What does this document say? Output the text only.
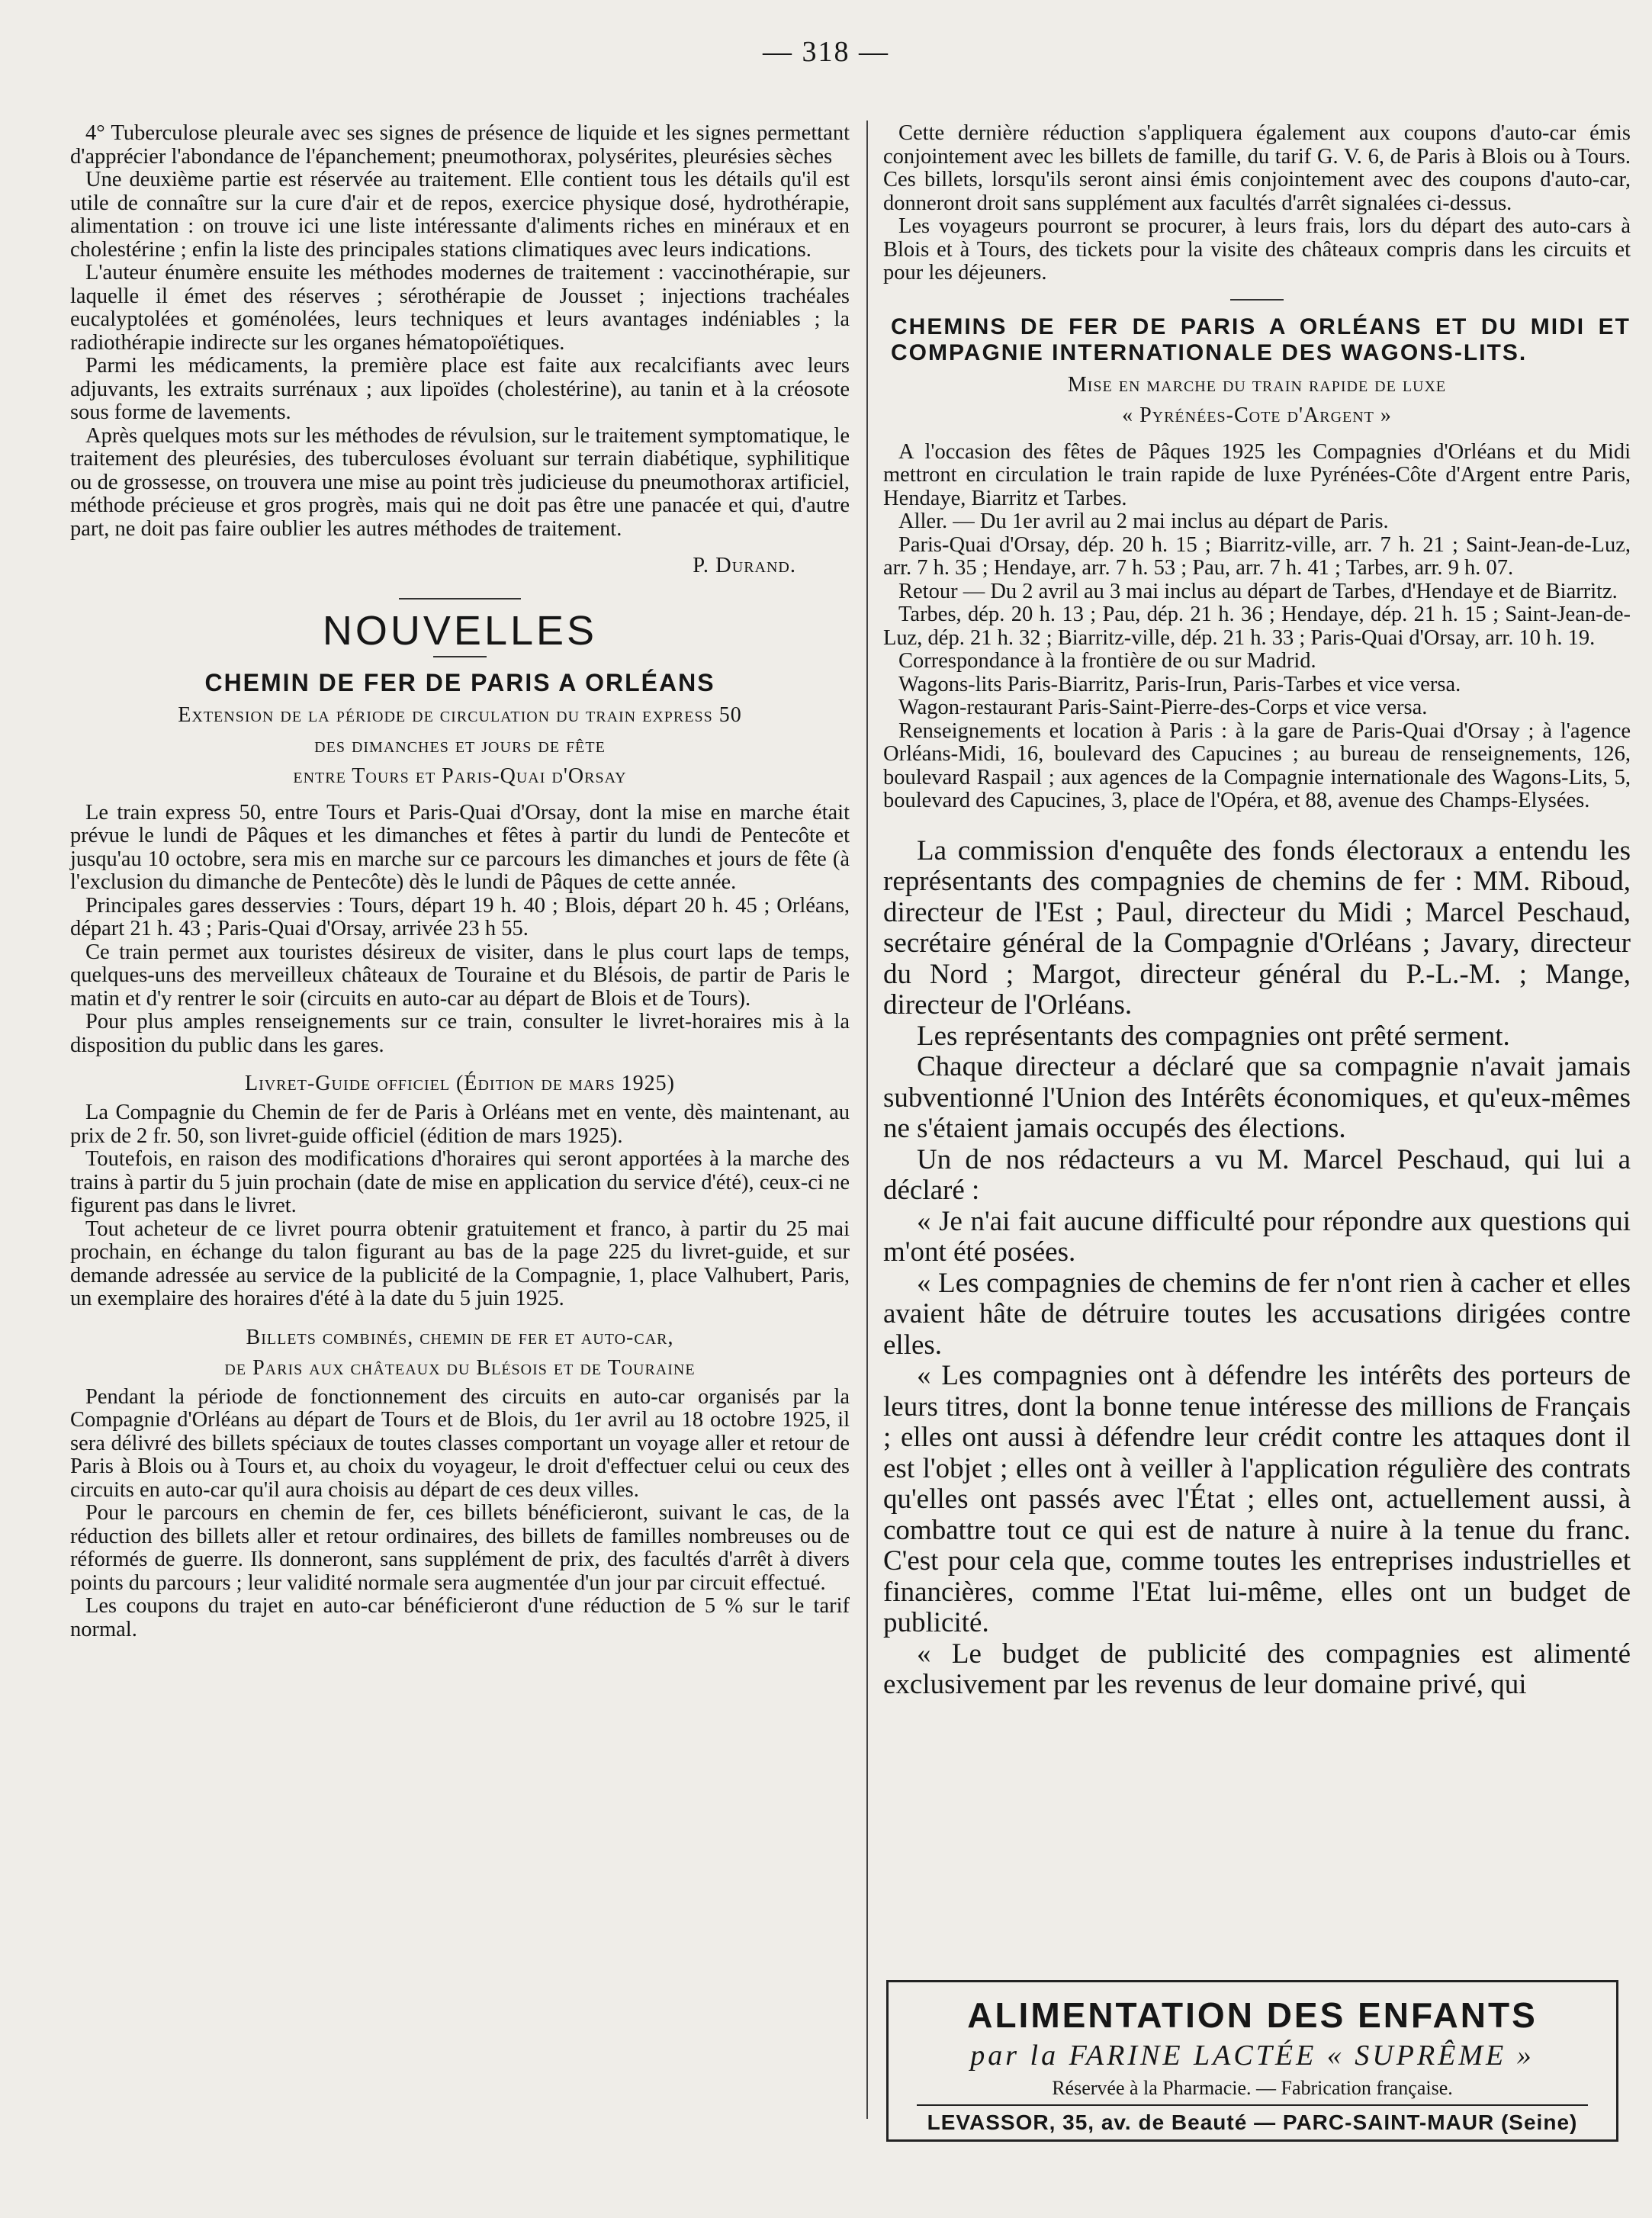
— 318 —

4° Tuberculose pleurale avec ses signes de présence de liquide et les signes permettant d'apprécier l'abondance de l'épanchement; pneumothorax, polysérites, pleurésies sèches

Une deuxième partie est réservée au traitement. Elle contient tous les détails qu'il est utile de connaître sur la cure d'air et de repos, exercice physique dosé, hydrothérapie, alimentation : on trouve ici une liste intéressante d'aliments riches en minéraux et en cholestérine ; enfin la liste des principales stations climatiques avec leurs indications.

L'auteur énumère ensuite les méthodes modernes de traitement : vaccinothérapie, sur laquelle il émet des réserves ; sérothérapie de Jousset ; injections trachéales eucalyptolées et goménolées, leurs techniques et leurs avantages indéniables ; la radiothérapie indirecte sur les organes hématopoïétiques.

Parmi les médicaments, la première place est faite aux recalcifiants avec leurs adjuvants, les extraits surrénaux ; aux lipoïdes (cholestérine), au tanin et à la créosote sous forme de lavements.

Après quelques mots sur les méthodes de révulsion, sur le traitement symptomatique, le traitement des pleurésies, des tuberculoses évoluant sur terrain diabétique, syphilitique ou de grossesse, on trouvera une mise au point très judicieuse du pneumothorax artificiel, méthode précieuse et gros progrès, mais qui ne doit pas être une panacée et qui, d'autre part, ne doit pas faire oublier les autres méthodes de traitement.

P. Durand.

NOUVELLES
CHEMIN DE FER DE PARIS A ORLÉANS
Extension de la période de circulation du train express 50
des dimanches et jours de fête
entre Tours et Paris-Quai d'Orsay

Le train express 50, entre Tours et Paris-Quai d'Orsay, dont la mise en marche était prévue le lundi de Pâques et les dimanches et fêtes à partir du lundi de Pentecôte et jusqu'au 10 octobre, sera mis en marche sur ce parcours les dimanches et jours de fête (à l'exclusion du dimanche de Pentecôte) dès le lundi de Pâques de cette année.

Principales gares desservies : Tours, départ 19 h. 40 ; Blois, départ 20 h. 45 ; Orléans, départ 21 h. 43 ; Paris-Quai d'Orsay, arrivée 23 h 55.

Ce train permet aux touristes désireux de visiter, dans le plus court laps de temps, quelques-uns des merveilleux châteaux de Touraine et du Blésois, de partir de Paris le matin et d'y rentrer le soir (circuits en auto-car au départ de Blois et de Tours).

Pour plus amples renseignements sur ce train, consulter le livret-horaires mis à la disposition du public dans les gares.

Livret-Guide officiel (Édition de mars 1925)

La Compagnie du Chemin de fer de Paris à Orléans met en vente, dès maintenant, au prix de 2 fr. 50, son livret-guide officiel (édition de mars 1925).

Toutefois, en raison des modifications d'horaires qui seront apportées à la marche des trains à partir du 5 juin prochain (date de mise en application du service d'été), ceux-ci ne figurent pas dans le livret.

Tout acheteur de ce livret pourra obtenir gratuitement et franco, à partir du 25 mai prochain, en échange du talon figurant au bas de la page 225 du livret-guide, et sur demande adressée au service de la publicité de la Compagnie, 1, place Valhubert, Paris, un exemplaire des horaires d'été à la date du 5 juin 1925.

Billets combinés, chemin de fer et auto-car,
de Paris aux châteaux du Blésois et de Touraine

Pendant la période de fonctionnement des circuits en auto-car organisés par la Compagnie d'Orléans au départ de Tours et de Blois, du 1er avril au 18 octobre 1925, il sera délivré des billets spéciaux de toutes classes comportant un voyage aller et retour de Paris à Blois ou à Tours et, au choix du voyageur, le droit d'effectuer celui ou ceux des circuits en auto-car qu'il aura choisis au départ de ces deux villes.

Pour le parcours en chemin de fer, ces billets bénéficieront, suivant le cas, de la réduction des billets aller et retour ordinaires, des billets de familles nombreuses ou de réformés de guerre. Ils donneront, sans supplément de prix, des facultés d'arrêt à divers points du parcours ; leur validité normale sera augmentée d'un jour par circuit effectué.

Les coupons du trajet en auto-car bénéficieront d'une réduction de 5 % sur le tarif normal.

Cette dernière réduction s'appliquera également aux coupons d'auto-car émis conjointement avec les billets de famille, du tarif G. V. 6, de Paris à Blois ou à Tours. Ces billets, lorsqu'ils seront ainsi émis conjointement avec des coupons d'auto-car, donneront droit sans supplément aux facultés d'arrêt signalées ci-dessus.

Les voyageurs pourront se procurer, à leurs frais, lors du départ des auto-cars à Blois et à Tours, des tickets pour la visite des châteaux compris dans les circuits et pour les déjeuners.

CHEMINS DE FER DE PARIS A ORLÉANS ET DU MIDI ET COMPAGNIE INTERNATIONALE DES WAGONS-LITS.
Mise en marche du train rapide de luxe
« Pyrénées-Cote d'Argent »

A l'occasion des fêtes de Pâques 1925 les Compagnies d'Orléans et du Midi mettront en circulation le train rapide de luxe Pyrénées-Côte d'Argent entre Paris, Hendaye, Biarritz et Tarbes.

Aller. — Du 1er avril au 2 mai inclus au départ de Paris.

Paris-Quai d'Orsay, dép. 20 h. 15 ; Biarritz-ville, arr. 7 h. 21 ; Saint-Jean-de-Luz, arr. 7 h. 35 ; Hendaye, arr. 7 h. 53 ; Pau, arr. 7 h. 41 ; Tarbes, arr. 9 h. 07.

Retour — Du 2 avril au 3 mai inclus au départ de Tarbes, d'Hendaye et de Biarritz.

Tarbes, dép. 20 h. 13 ; Pau, dép. 21 h. 36 ; Hendaye, dép. 21 h. 15 ; Saint-Jean-de-Luz, dép. 21 h. 32 ; Biarritz-ville, dép. 21 h. 33 ; Paris-Quai d'Orsay, arr. 10 h. 19.

Correspondance à la frontière de ou sur Madrid.

Wagons-lits Paris-Biarritz, Paris-Irun, Paris-Tarbes et vice versa.

Wagon-restaurant Paris-Saint-Pierre-des-Corps et vice versa.

Renseignements et location à Paris : à la gare de Paris-Quai d'Orsay ; à l'agence Orléans-Midi, 16, boulevard des Capucines ; au bureau de renseignements, 126, boulevard Raspail ; aux agences de la Compagnie internationale des Wagons-Lits, 5, boulevard des Capucines, 3, place de l'Opéra, et 88, avenue des Champs-Elysées.

La commission d'enquête des fonds électoraux a entendu les représentants des compagnies de chemins de fer : MM. Riboud, directeur de l'Est ; Paul, directeur du Midi ; Marcel Peschaud, secrétaire général de la Compagnie d'Orléans ; Javary, directeur du Nord ; Margot, directeur général du P.-L.-M. ; Mange, directeur de l'Orléans.

Les représentants des compagnies ont prêté serment.

Chaque directeur a déclaré que sa compagnie n'avait jamais subventionné l'Union des Intérêts économiques, et qu'eux-mêmes ne s'étaient jamais occupés des élections.

Un de nos rédacteurs a vu M. Marcel Peschaud, qui lui a déclaré :

« Je n'ai fait aucune difficulté pour répondre aux questions qui m'ont été posées.

« Les compagnies de chemins de fer n'ont rien à cacher et elles avaient hâte de détruire toutes les accusations dirigées contre elles.

« Les compagnies ont à défendre les intérêts des porteurs de leurs titres, dont la bonne tenue intéresse des millions de Français ; elles ont aussi à défendre leur crédit contre les attaques dont il est l'objet ; elles ont à veiller à l'application régulière des contrats qu'elles ont passés avec l'État ; elles ont, actuellement aussi, à combattre tout ce qui est de nature à nuire à la tenue du franc. C'est pour cela que, comme toutes les entreprises industrielles et financières, comme l'Etat lui-même, elles ont un budget de publicité.

« Le budget de publicité des compagnies est alimenté exclusivement par les revenus de leur domaine privé, qui

ALIMENTATION DES ENFANTS
par la FARINE LACTÉE « SUPRÊME »
Réservée à la Pharmacie. — Fabrication française.
LEVASSOR, 35, av. de Beauté — PARC-SAINT-MAUR (Seine)
